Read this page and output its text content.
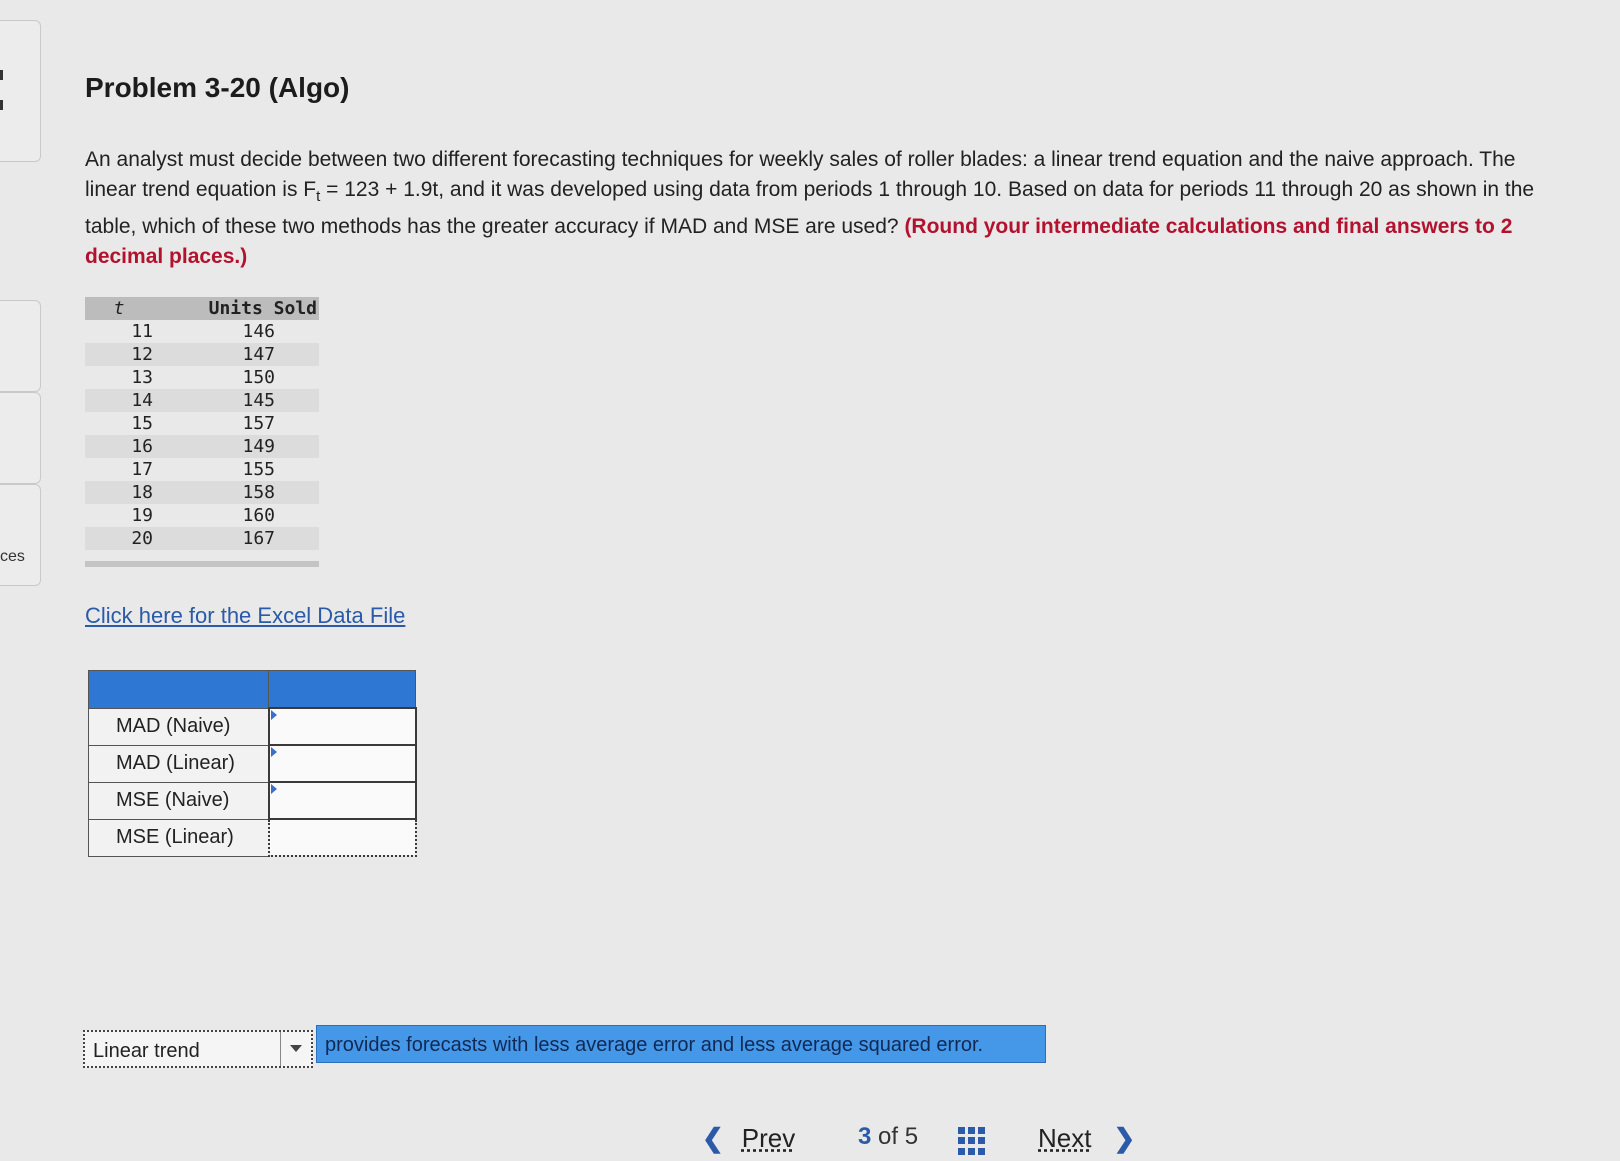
ces
Problem 3-20 (Algo)
An analyst must decide between two different forecasting techniques for weekly sales of roller blades: a linear trend equation and the naive approach. The linear trend equation is $F_t = 123 + 1.9t$, and it was developed using data from periods 1 through 10. Based on data for periods 11 through 20 as shown in the table, which of these two methods has the greater accuracy if MAD and MSE are used? (Round your intermediate calculations and final answers to 2 decimal places.)
t	Units Sold
11	146
12	147
13	150
14	145
15	157
16	149
17	155
18	158
19	160
20	167
Click here for the Excel Data File

MAD (Naive)	

MAD (Linear)	

MSE (Naive)	

MSE (Linear)	
Linear trend	provides forecasts with less average error and less average squared error.
❮ Prev	3 of 5	Next ❯
